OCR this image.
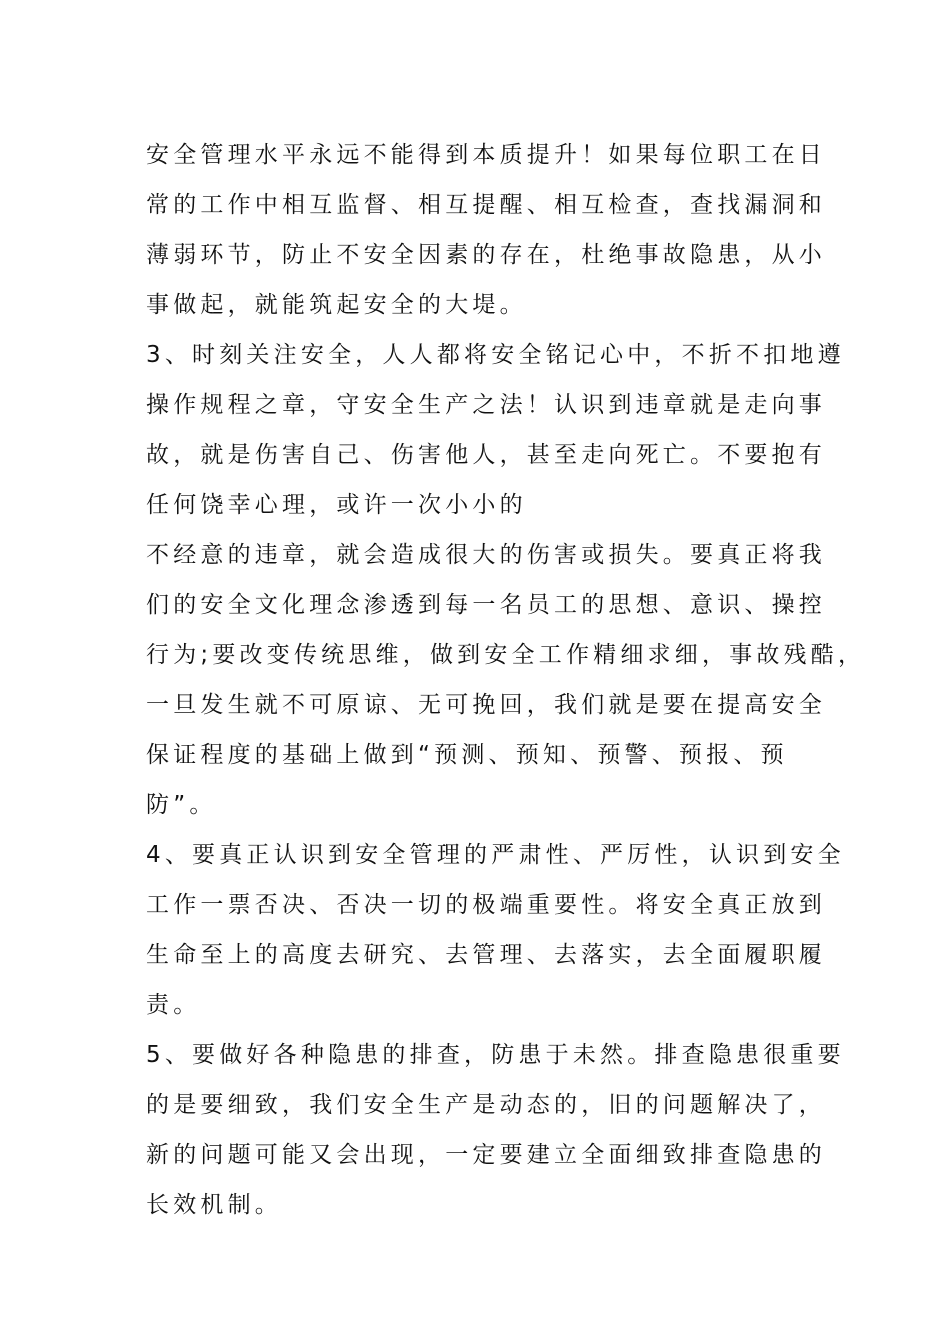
安全管理水平永远不能得到本质提升！如果每位职工在日
常的工作中相互监督、相互提醒、相互检查，查找漏洞和
薄弱环节，防止不安全因素的存在，杜绝事故隐患，从小
事做起，就能筑起安全的大堤。
3、时刻关注安全，人人都将安全铭记心中，不折不扣地遵
操作规程之章，守安全生产之法！认识到违章就是走向事
故，就是伤害自己、伤害他人，甚至走向死亡。不要抱有
任何饶幸心理，或许一次小小的
不经意的违章，就会造成很大的伤害或损失。要真正将我
们的安全文化理念渗透到每一名员工的思想、意识、操控
行为;要改变传统思维，做到安全工作精细求细，事故残酷，
一旦发生就不可原谅、无可挽回，我们就是要在提高安全
保证程度的基础上做到“预测、预知、预警、预报、预
防”。
4、要真正认识到安全管理的严肃性、严厉性，认识到安全
工作一票否决、否决一切的极端重要性。将安全真正放到
生命至上的高度去研究、去管理、去落实，去全面履职履
责。
5、要做好各种隐患的排查，防患于未然。排查隐患很重要
的是要细致，我们安全生产是动态的，旧的问题解决了，
新的问题可能又会出现，一定要建立全面细致排查隐患的
长效机制。
